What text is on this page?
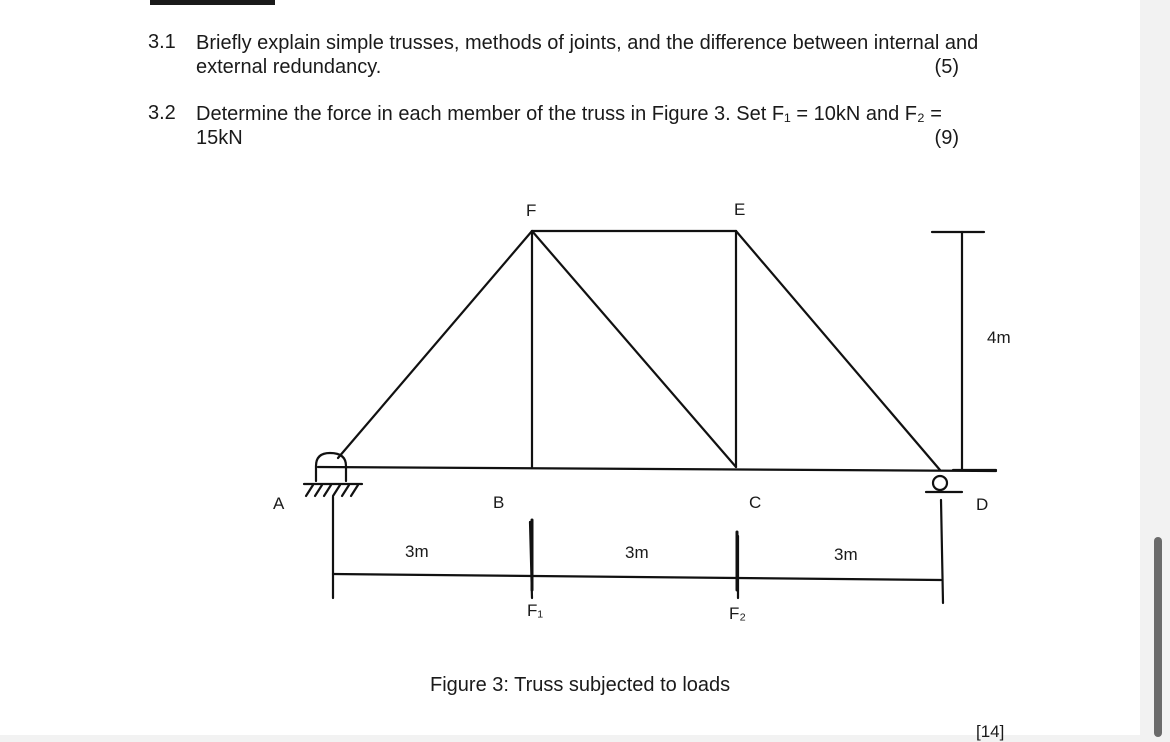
3.1 Briefly explain simple trusses, methods of joints, and the difference between internal and external redundancy.	(5)
3.2 Determine the force in each member of the truss in Figure 3. Set F₁ = 10kN and F₂ = 15kN	(9)
A	B	C	D
E
F
3m	3m	3m
4m
F₁	F₂
Figure 3: Truss subjected to loads
[14]
